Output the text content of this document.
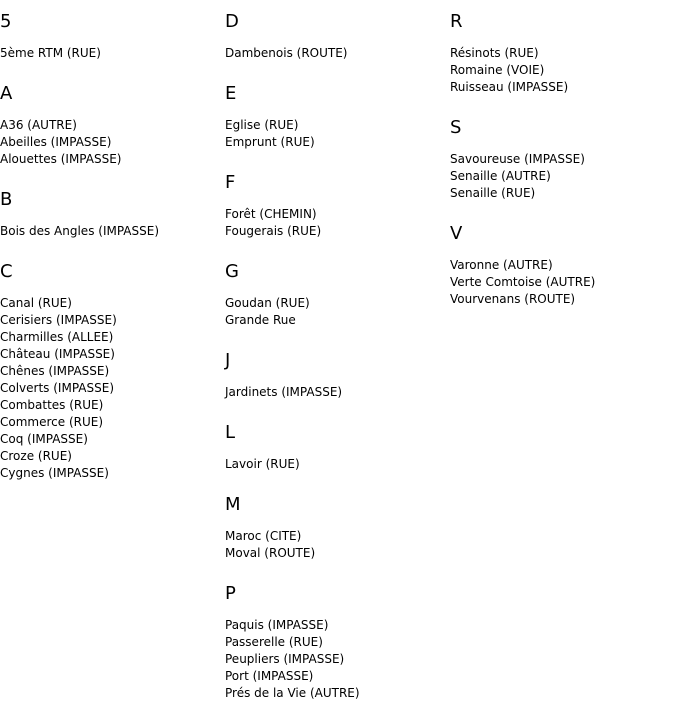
5
5ème RTM (RUE)
A
A36 (AUTRE)
Abeilles (IMPASSE)
Alouettes (IMPASSE)
B
Bois des Angles (IMPASSE)
C
Canal (RUE)
Cerisiers (IMPASSE)
Charmilles (ALLEE)
Château (IMPASSE)
Chênes (IMPASSE)
Colverts (IMPASSE)
Combattes (RUE)
Commerce (RUE)
Coq (IMPASSE)
Croze (RUE)
Cygnes (IMPASSE)
D
Dambenois (ROUTE)
E
Eglise (RUE)
Emprunt (RUE)
F
Forêt (CHEMIN)
Fougerais (RUE)
G
Goudan (RUE)
Grande Rue
J
Jardinets (IMPASSE)
L
Lavoir (RUE)
M
Maroc (CITE)
Moval (ROUTE)
P
Paquis (IMPASSE)
Passerelle (RUE)
Peupliers (IMPASSE)
Port (IMPASSE)
Prés de la Vie (AUTRE)
R
Résinots (RUE)
Romaine (VOIE)
Ruisseau (IMPASSE)
S
Savoureuse (IMPASSE)
Senaille (AUTRE)
Senaille (RUE)
V
Varonne (AUTRE)
Verte Comtoise (AUTRE)
Vourvenans (ROUTE)
